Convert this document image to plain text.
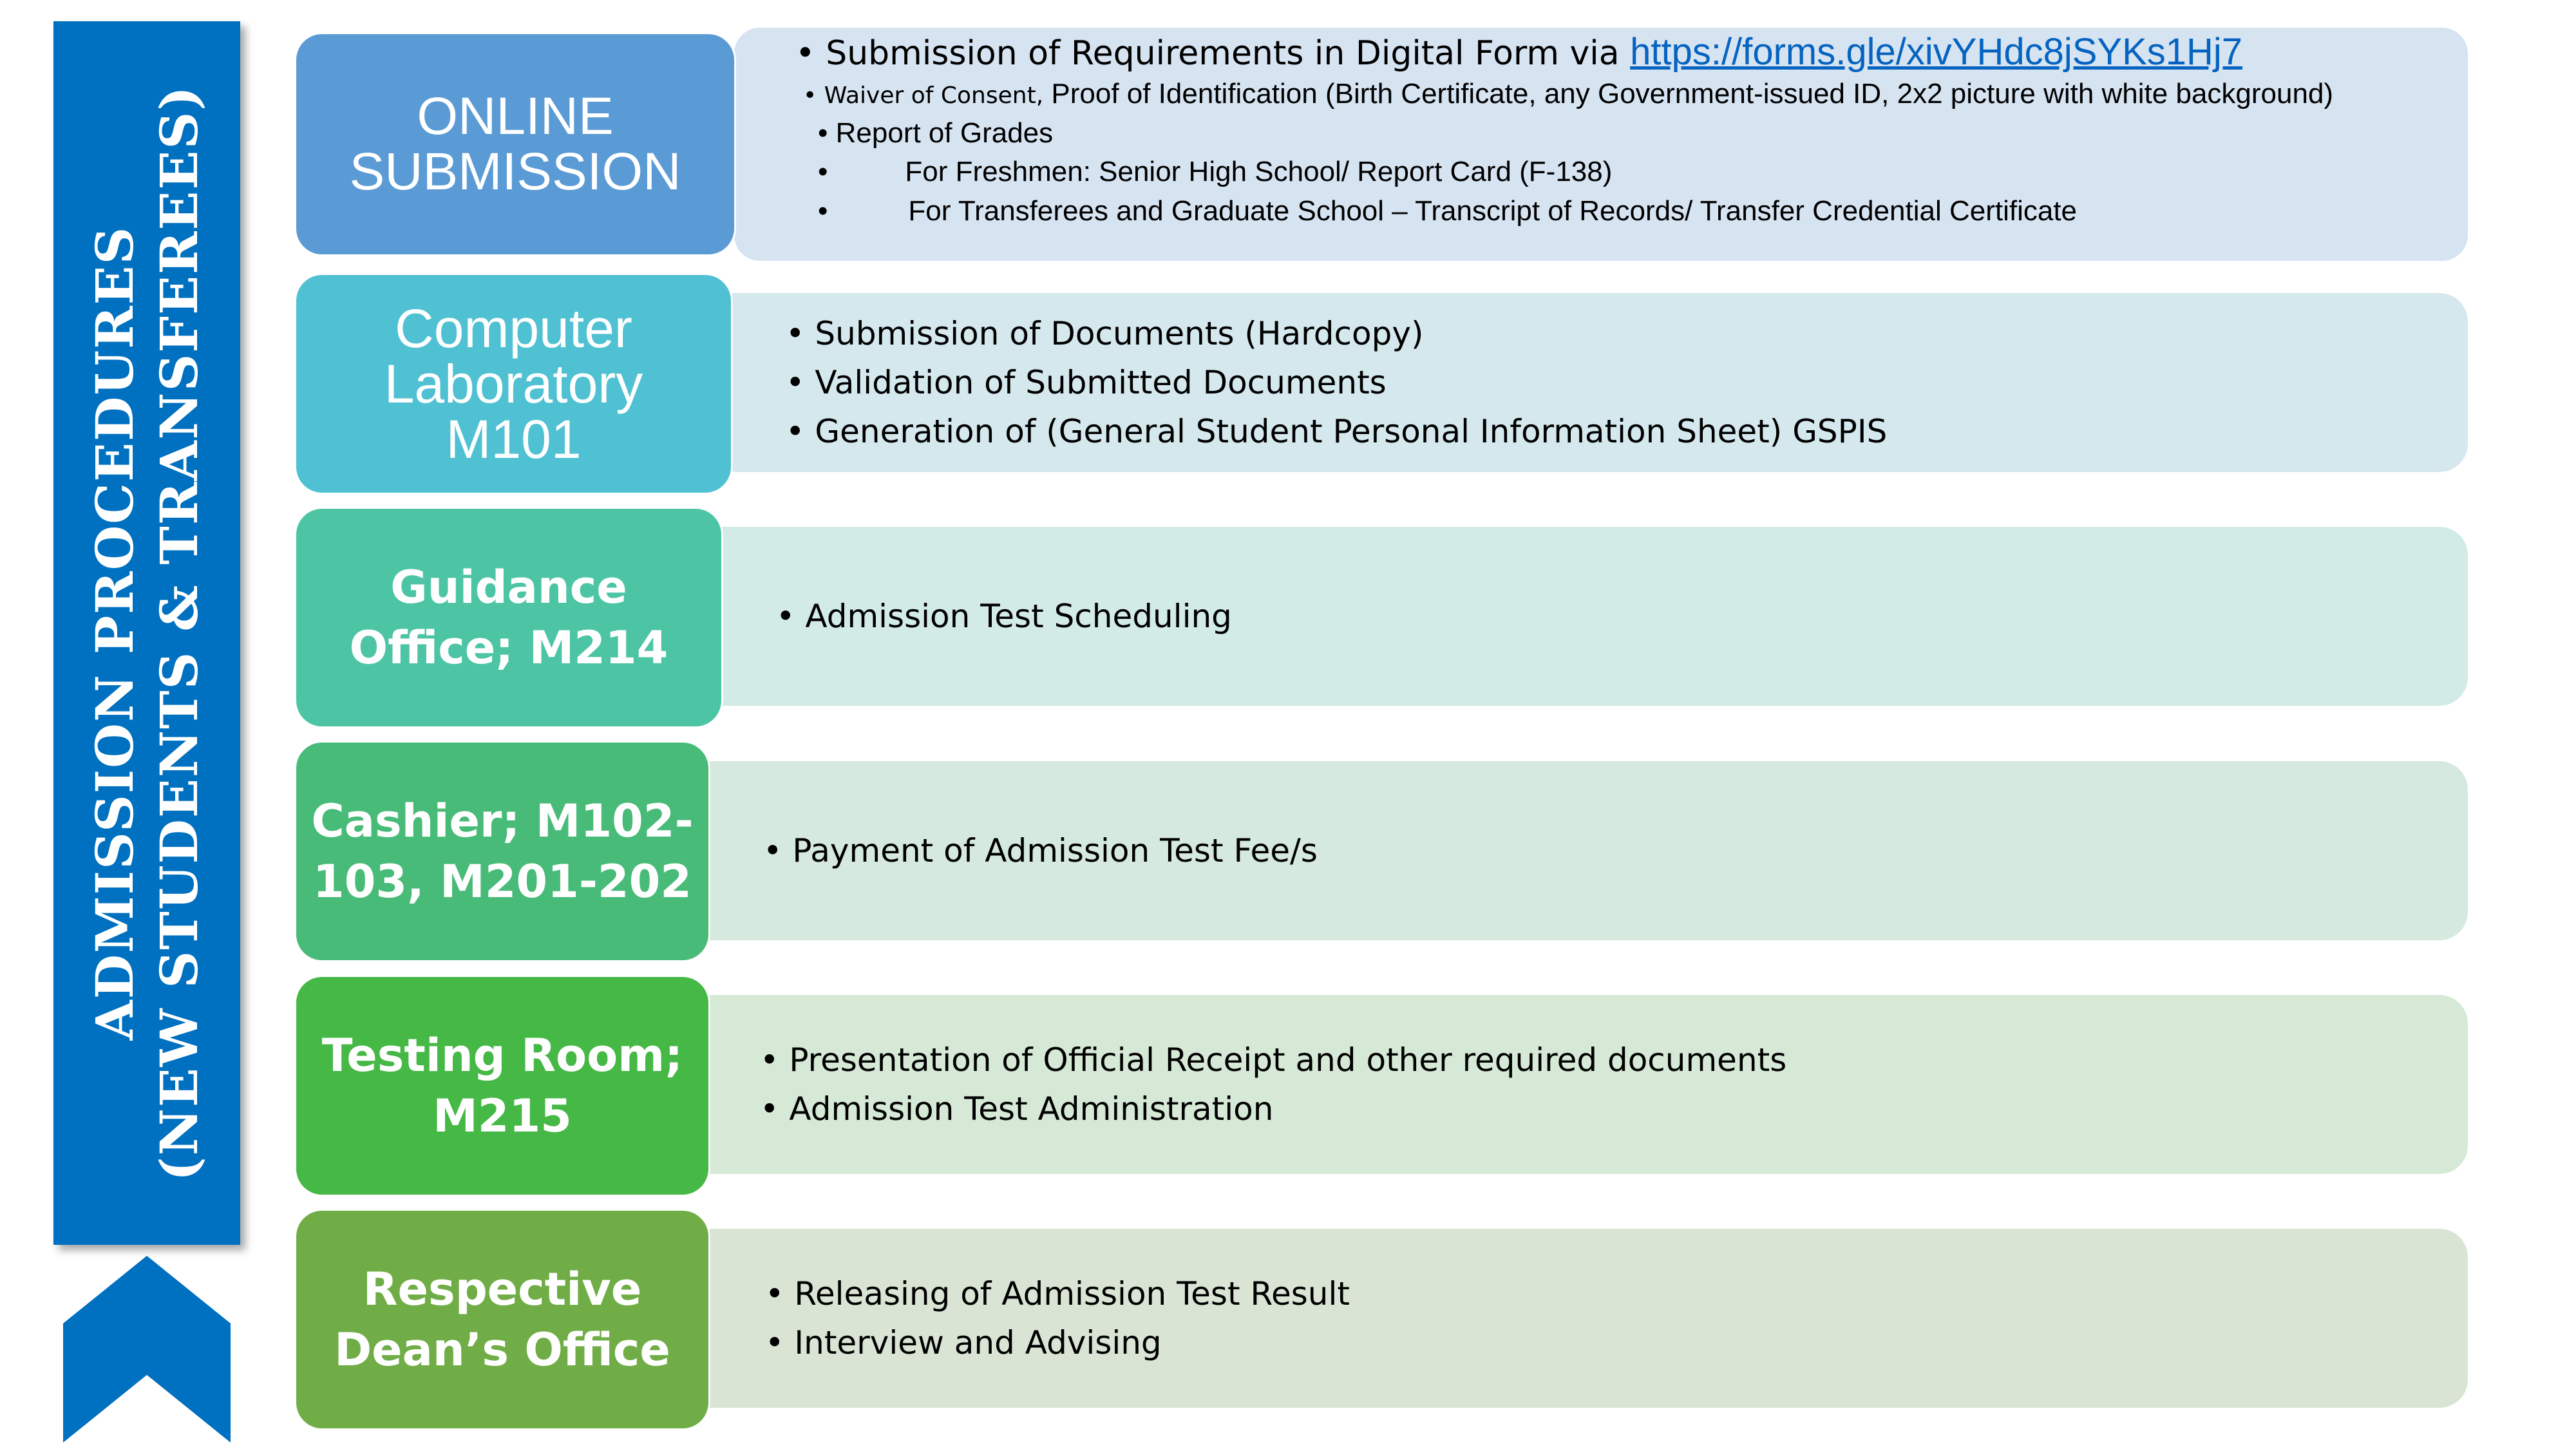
ADMISSION PROCEDURES (NEW STUDENTS & TRANSFEREES)
• Submission of Requirements in Digital Form via https://forms.gle/xivYHdc8jSYKs1Hj7
• Waiver of Consent, Proof of Identification (Birth Certificate, any Government-issued ID, 2x2 picture with white background)
• Report of Grades
•	For Freshmen: Senior High School/ Report Card (F-138)
•	For Transferees and Graduate School – Transcript of Records/ Transfer Credential Certificate
ONLINE SUBMISSION
• Submission of Documents (Hardcopy)
• Validation of Submitted Documents
• Generation of (General Student Personal Information Sheet) GSPIS
Computer
Laboratory
M101
• Admission Test Scheduling
Guidance
Office; M214
• Payment of Admission Test Fee/s
Cashier; M102-
103, M201-202
• Presentation of Official Receipt and other required documents
• Admission Test Administration
Testing Room;
M215
• Releasing of Admission Test Result
• Interview and Advising
Respective
Dean’s Office
